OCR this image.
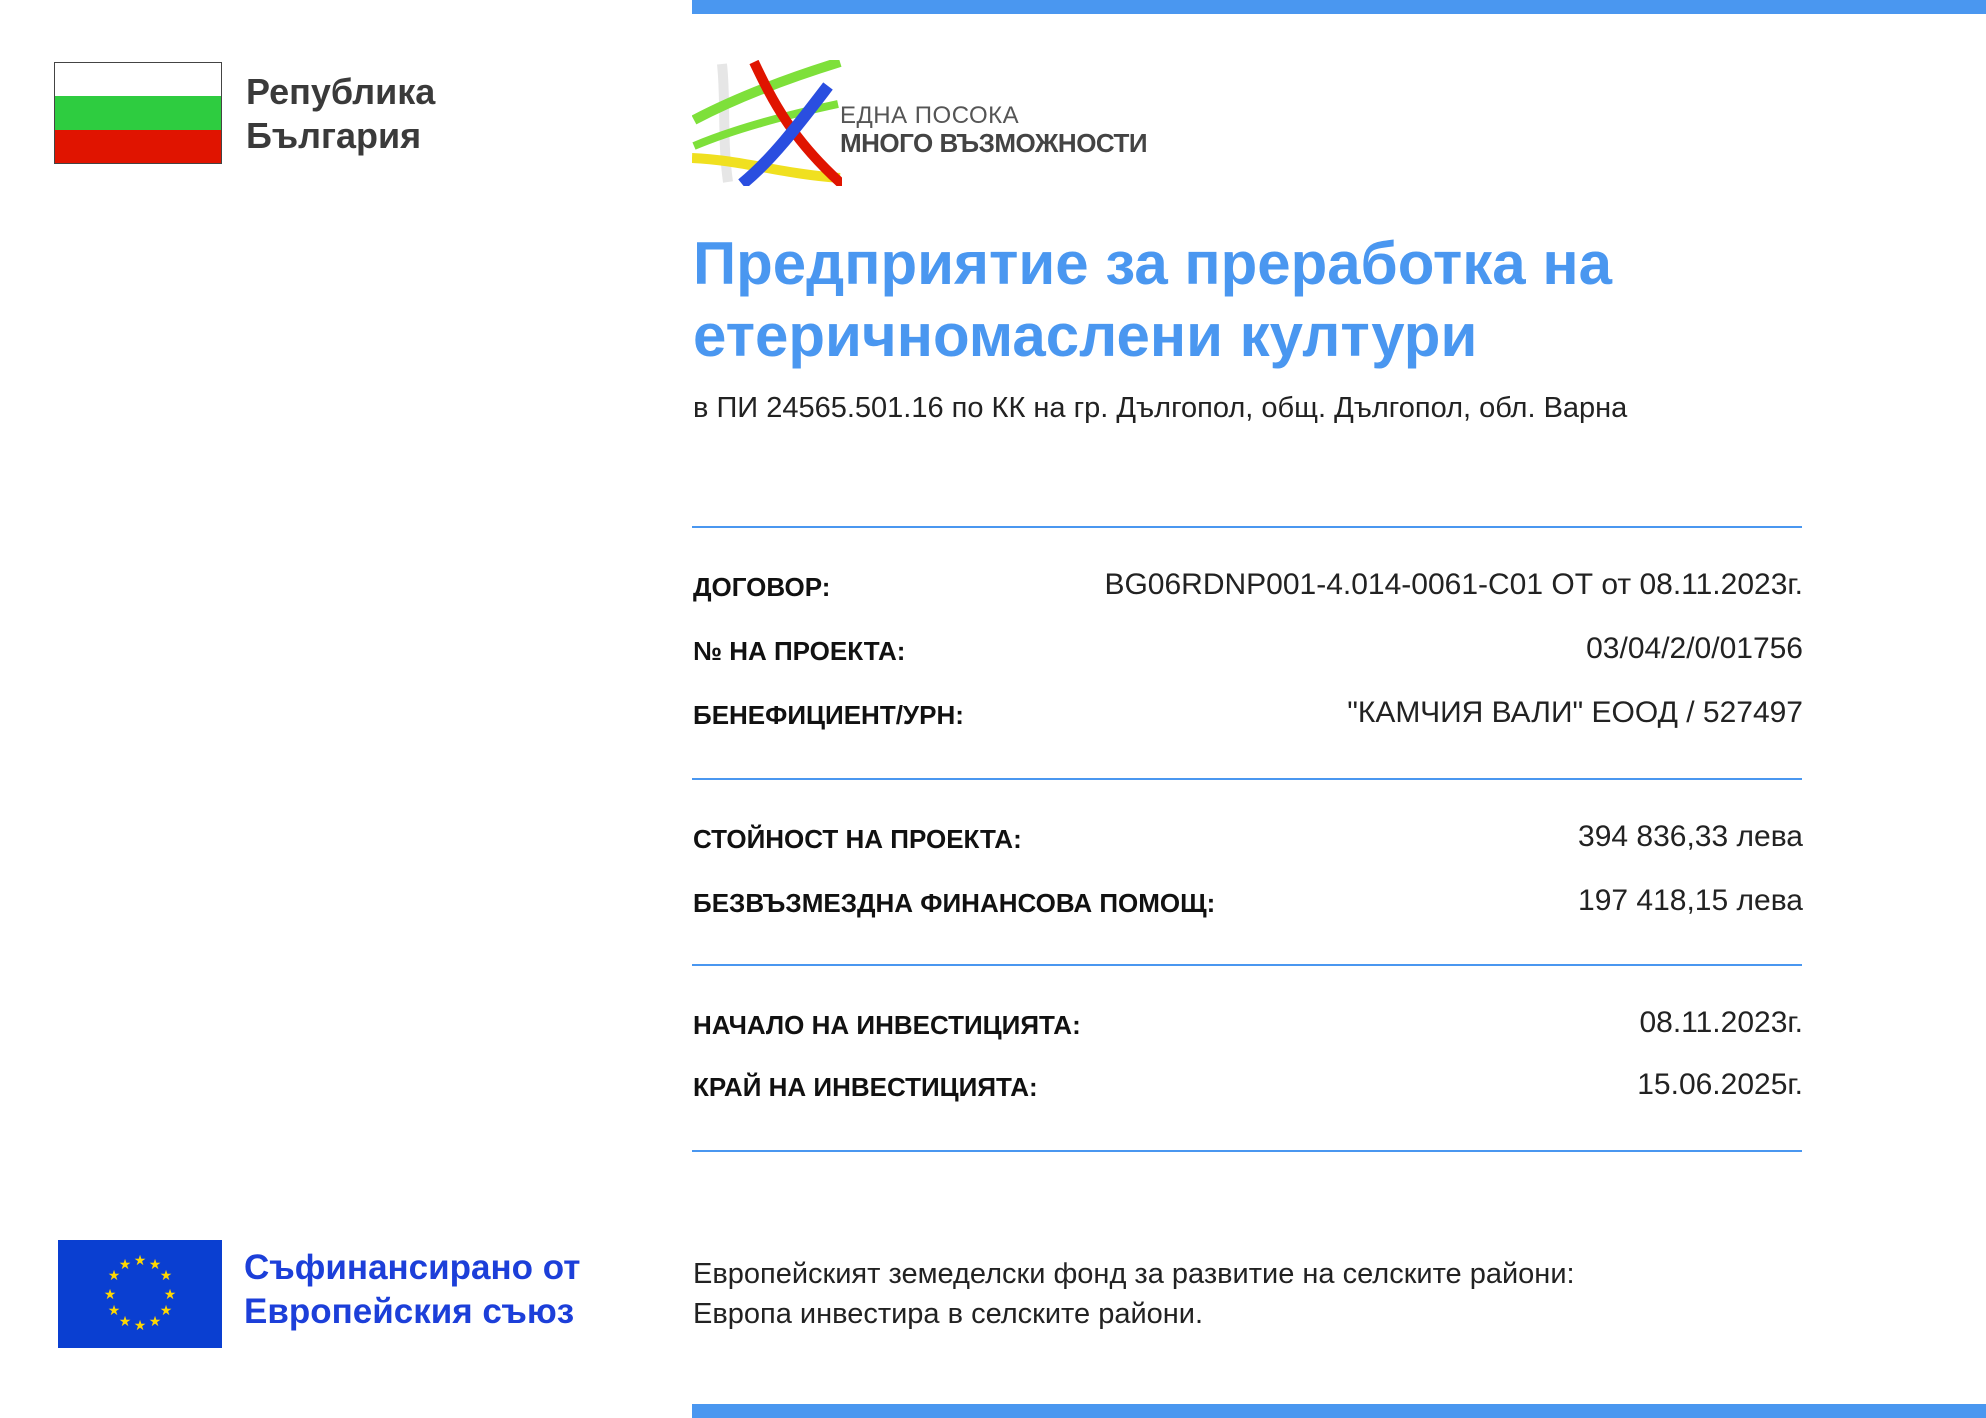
Република
България	ЕДНА ПОСОКА
МНОГО ВЪЗМОЖНОСТИ
Предприятие за преработка на
етеричномаслени култури
в ПИ 24565.501.16 по КК на гр. Дългопол, общ. Дългопол, обл. Варна
ДОГОВОР:	BG06RDNP001-4.014-0061-C01 ОТ от 08.11.2023г.
№ НА ПРОЕКТА:	03/04/2/0/01756
БЕНЕФИЦИЕНТ/УРН:	"КАМЧИЯ ВАЛИ" ЕООД / 527497
СТОЙНОСТ НА ПРОЕКТА:	394 836,33 лева
БЕЗВЪЗМЕЗДНА ФИНАНСОВА ПОМОЩ:	197 418,15 лева
НАЧАЛО НА ИНВЕСТИЦИЯТА:	08.11.2023г.
КРАЙ НА ИНВЕСТИЦИЯТА:	15.06.2025г.
★ ★
★
★
★
★
★
★
★
★
★
★	Съфинансирано от
Европейския съюз
Европейският земеделски фонд за развитие на селските райони:
Европа инвестира в селските райони.
